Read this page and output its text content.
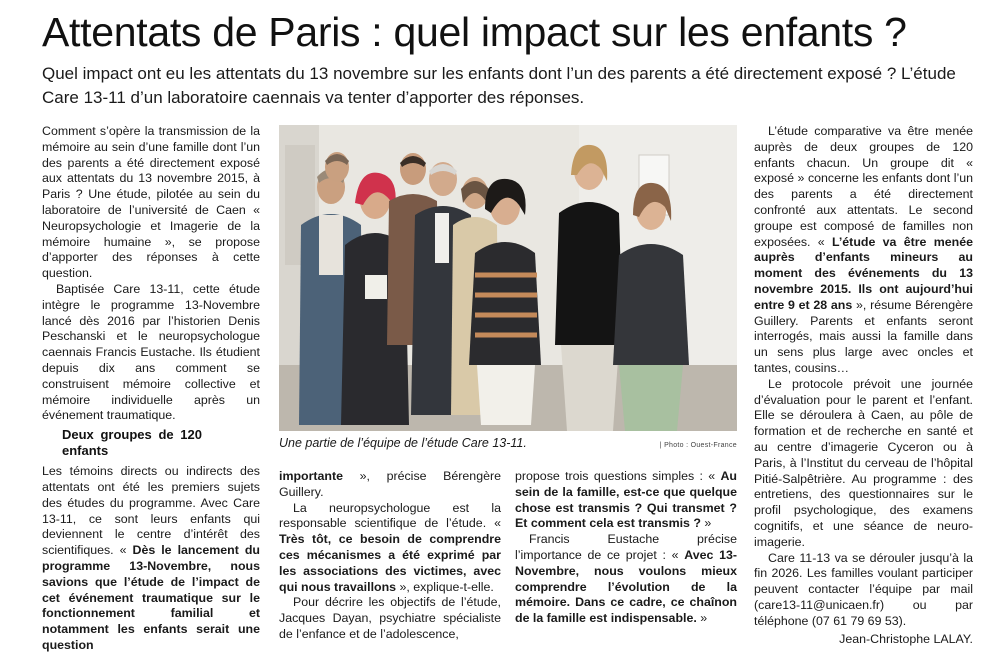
Attentats de Paris : quel impact sur les enfants ?
Quel impact ont eu les attentats du 13 novembre sur les enfants dont l’un des parents a été directement exposé ? L’étude Care 13-11 d’un laboratoire caennais va tenter d’apporter des réponses.

Comment s’opère la transmission de la mémoire au sein d’une famille dont l’un des parents a été directement exposé aux attentats du 13 novembre 2015, à Paris ? Une étude, pilotée au sein du laboratoire de l’université de Caen « Neuropsychologie et Imagerie de la mémoire humaine », se propose d’apporter des réponses à cette question.

Baptisée Care 13-11, cette étude intègre le programme 13-Novembre lancé dès 2016 par l’historien Denis Peschanski et le neuropsychologue caennais Francis Eustache. Ils étudient depuis dix ans comment se construisent mémoire collective et mémoire individuelle après un événement traumatique.

Deux groupes de 120 enfants

Les témoins directs ou indirects des attentats ont été les premiers sujets des études du programme. Avec Care 13-11, ce sont leurs enfants qui deviennent le centre d’intérêt des scientifiques. « Dès le lancement du programme 13-Novembre, nous savions que l’étude de l’impact de cet événement traumatique sur le fonctionnement familial et notamment les enfants serait une question

Une partie de l’équipe de l’étude Care 13-11.	| Photo : Ouest-France

importante », précise Bérengère Guillery.

La neuropsychologue est la responsable scientifique de l’étude. « Très tôt, ce besoin de comprendre ces mécanismes a été exprimé par les associations des victimes, avec qui nous travaillons », explique-t-elle.

Pour décrire les objectifs de l’étude, Jacques Dayan, psychiatre spécialiste de l’enfance et de l’adolescence,

propose trois questions simples : « Au sein de la famille, est-ce que quelque chose est transmis ? Qui transmet ? Et comment cela est transmis ? »

Francis Eustache précise l’importance de ce projet : « Avec 13-Novembre, nous voulons mieux comprendre l’évolution de la mémoire. Dans ce cadre, ce chaînon de la famille est indispensable. »

L’étude comparative va être menée auprès de deux groupes de 120 enfants chacun. Un groupe dit « exposé » concerne les enfants dont l’un des parents a été directement confronté aux attentats. Le second groupe est composé de familles non exposées. « L’étude va être menée auprès d’enfants mineurs au moment des événements du 13 novembre 2015. Ils ont aujourd’hui entre 9 et 28 ans », résume Bérengère Guillery. Parents et enfants seront interrogés, mais aussi la famille dans un sens plus large avec oncles et tantes, cousins…

Le protocole prévoit une journée d’évaluation pour le parent et l’enfant. Elle se déroulera à Caen, au pôle de formation et de recherche en santé et au centre d’imagerie Cyceron ou à Paris, à l’Institut du cerveau de l’hôpital Pitié-Salpêtrière. Au programme : des entretiens, des questionnaires sur le profil psychologique, des examens cognitifs, et une séance de neuro-imagerie.

Care 11-13 va se dérouler jusqu’à la fin 2026. Les familles voulant participer peuvent contacter l’équipe par mail (care13-11@unicaen.fr) ou par téléphone (07 61 79 69 53).

Jean-Christophe LALAY.
